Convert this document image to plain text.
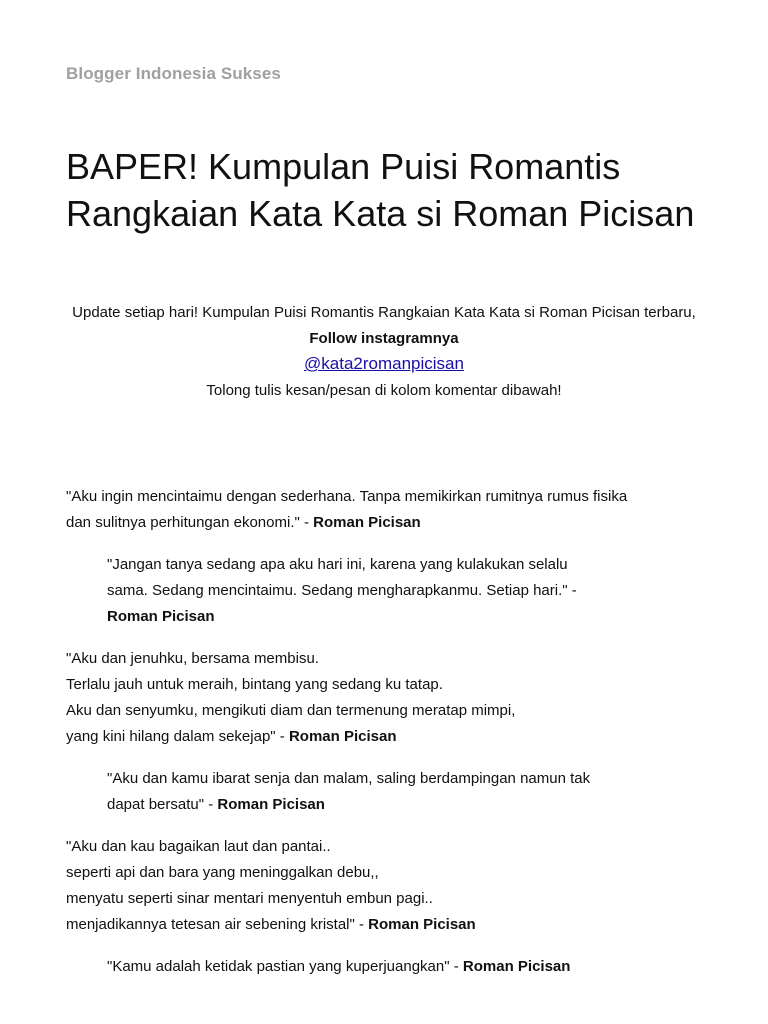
Blogger Indonesia Sukses
BAPER! Kumpulan Puisi Romantis Rangkaian Kata Kata si Roman Picisan

Update setiap hari! Kumpulan Puisi Romantis Rangkaian Kata Kata si Roman Picisan terbaru,

Follow instagramnya

@kata2romanpicisan

Tolong tulis kesan/pesan di kolom komentar dibawah!

"Aku ingin mencintaimu dengan sederhana. Tanpa memikirkan rumitnya rumus fisika
dan sulitnya perhitungan ekonomi." - Roman Picisan
"Jangan tanya sedang apa aku hari ini, karena yang kulakukan selalu
sama. Sedang mencintaimu. Sedang mengharapkanmu. Setiap hari." -
Roman Picisan
"Aku dan jenuhku, bersama membisu.
Terlalu jauh untuk meraih, bintang yang sedang ku tatap.
Aku dan senyumku, mengikuti diam dan termenung meratap mimpi,
yang kini hilang dalam sekejap" - Roman Picisan
"Aku dan kamu ibarat senja dan malam, saling berdampingan namun tak
dapat bersatu" - Roman Picisan
"Aku dan kau bagaikan laut dan pantai..
seperti api dan bara yang meninggalkan debu,,
menyatu seperti sinar mentari menyentuh embun pagi..
menjadikannya tetesan air sebening kristal" - Roman Picisan
"Kamu adalah ketidak pastian yang kuperjuangkan" - Roman Picisan
